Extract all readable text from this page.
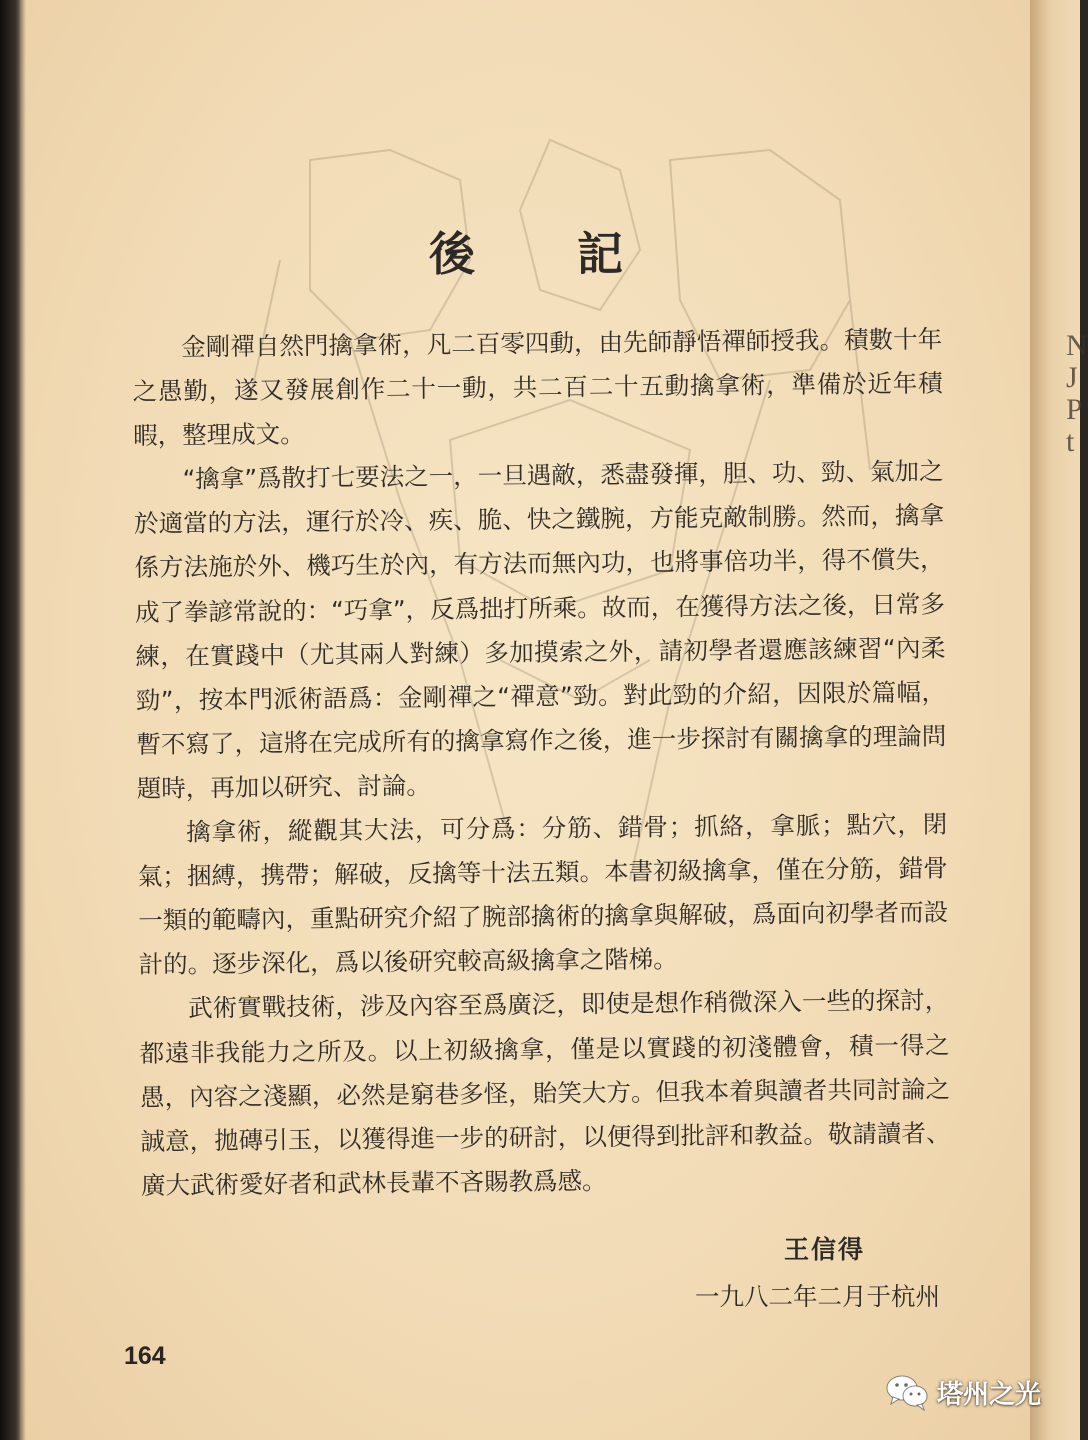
N
J
P
t
後　記

金剛禪自然門擒拿術，凡二百零四動，由先師靜悟禪師授我。積數十年之愚勤，遂又發展創作二十一動，共二百二十五動擒拿術，準備於近年積暇，整理成文。

“擒拿”爲散打七要法之一，一旦遇敵，悉盡發揮，胆、功、勁、氣加之於適當的方法，運行於冷、疾、脆、快之鐵腕，方能克敵制勝。然而，擒拿係方法施於外、機巧生於內，有方法而無內功，也將事倍功半，得不償失，成了拳諺常說的：“巧拿”，反爲拙打所乘。故而，在獲得方法之後，日常多練，在實踐中（尤其兩人對練）多加摸索之外，請初學者還應該練習“內柔勁”，按本門派術語爲：金剛禪之“禪意”勁。對此勁的介紹，因限於篇幅，暫不寫了，這將在完成所有的擒拿寫作之後，進一步探討有關擒拿的理論問題時，再加以研究、討論。

擒拿術，縱觀其大法，可分爲：分筋、錯骨；抓絡，拿脈；點穴，閉氣；捆縛，携帶；解破，反擒等十法五類。本書初級擒拿，僅在分筋，錯骨一類的範疇內，重點研究介紹了腕部擒術的擒拿與解破，爲面向初學者而設計的。逐步深化，爲以後研究較高級擒拿之階梯。

武術實戰技術，涉及內容至爲廣泛，即使是想作稍微深入一些的探討，都遠非我能力之所及。以上初級擒拿，僅是以實踐的初淺體會，積一得之愚，內容之淺顯，必然是窮巷多怪，貽笑大方。但我本着與讀者共同討論之誠意，拋磚引玉，以獲得進一步的研討，以便得到批評和教益。敬請讀者、廣大武術愛好者和武林長輩不吝賜教爲感。

王信得
一九八二年二月于杭州
164
塔州之光
